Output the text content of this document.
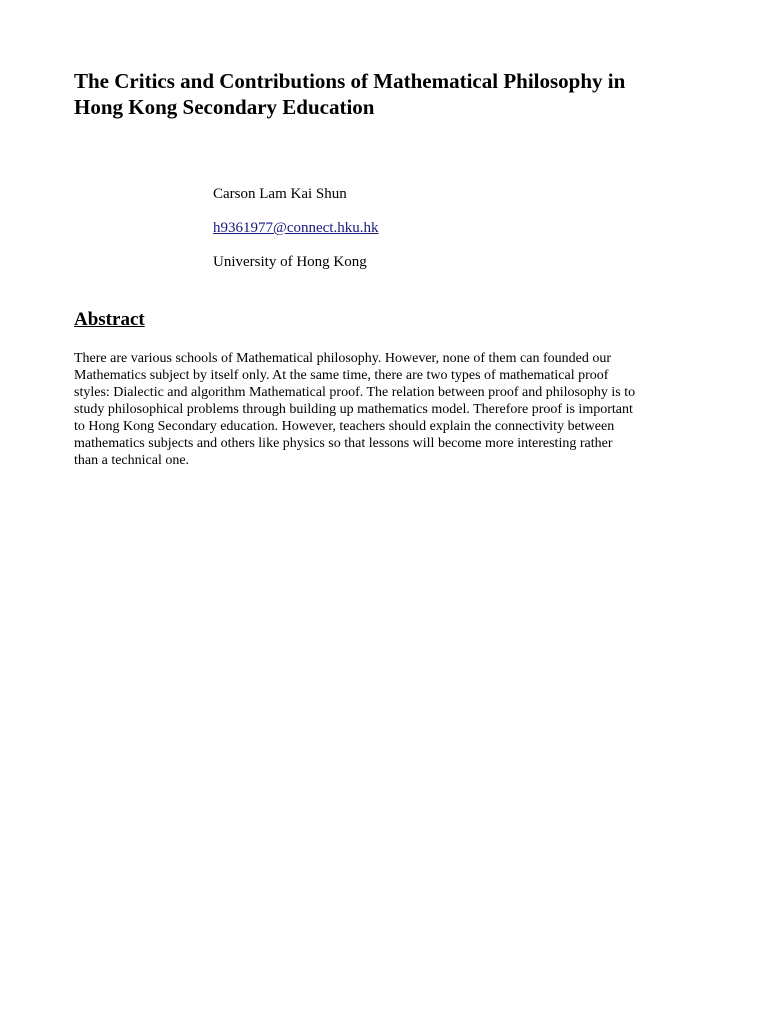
The Critics and Contributions of Mathematical Philosophy in
Hong Kong Secondary Education
Carson Lam Kai Shun
h9361977@connect.hku.hk
University of Hong Kong
Abstract

There are various schools of Mathematical philosophy. However, none of them can founded our
Mathematics subject by itself only. At the same time, there are two types of mathematical proof
styles: Dialectic and algorithm Mathematical proof. The relation between proof and philosophy is to
study philosophical problems through building up mathematics model. Therefore proof is important
to Hong Kong Secondary education. However, teachers should explain the connectivity between
mathematics subjects and others like physics so that lessons will become more interesting rather
than a technical one.
